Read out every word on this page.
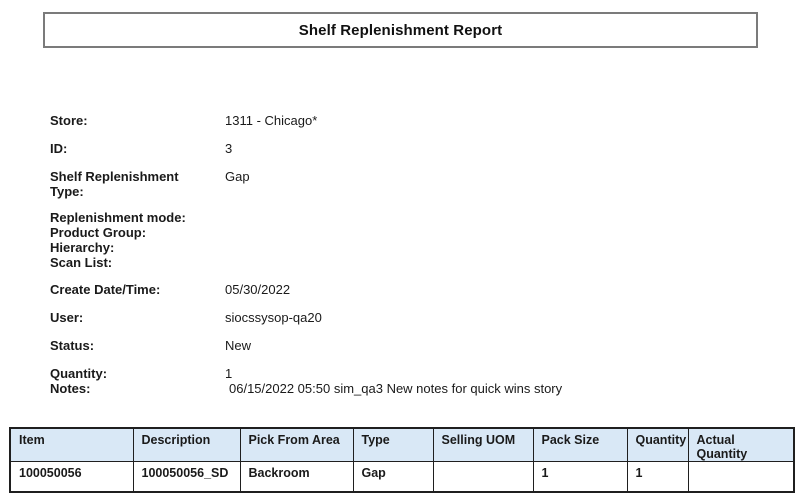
Shelf Replenishment Report
Store:	1311 - Chicago*
ID:	3
Shelf Replenishment Type:
Gap
Replenishment mode:
Product Group:
Hierarchy:
Scan List:
Create Date/Time:	05/30/2022
User:	siocssysop-qa20
Status:	New
Quantity:	1
Notes:	06/15/2022 05:50 sim_qa3 New notes for quick wins story
Item	Description	Pick From Area	Type	Selling UOM	Pack Size	Quantity	Actual Quantity
100050056	100050056_SD	Backroom	Gap		1	1	
